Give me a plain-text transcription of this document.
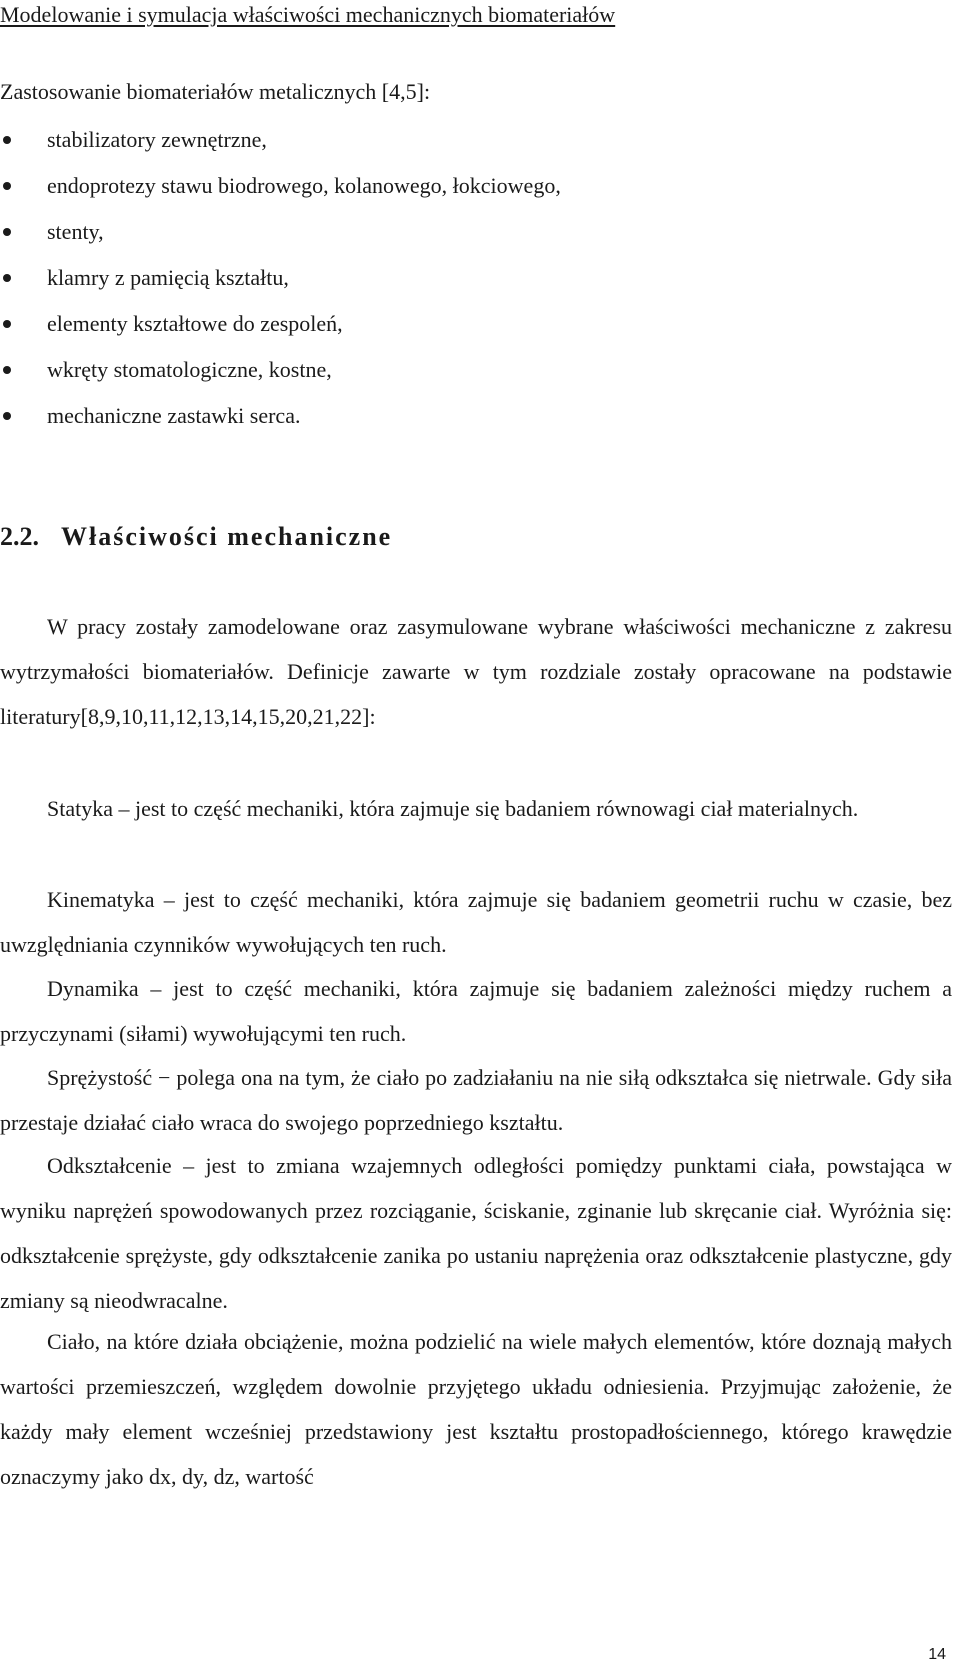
Modelowanie i symulacja właściwości mechanicznych biomateriałów
Zastosowanie biomateriałów metalicznych [4,5]:
stabilizatory zewnętrzne,
endoprotezy stawu biodrowego, kolanowego, łokciowego,
stenty,
klamry z pamięcią kształtu,
elementy kształtowe do zespoleń,
wkręty stomatologiczne, kostne,
mechaniczne zastawki serca.
2.2. Właściwości mechaniczne

W pracy zostały zamodelowane oraz zasymulowane wybrane właściwości mechaniczne z zakresu wytrzymałości biomateriałów. Definicje zawarte w tym rozdziale zostały opracowane na podstawie literatury[8,9,10,11,12,13,14,15,20,21,22]:

Statyka – jest to część mechaniki, która zajmuje się badaniem równowagi ciał materialnych.

Kinematyka – jest to część mechaniki, która zajmuje się badaniem geometrii ruchu w czasie, bez uwzględniania czynników wywołujących ten ruch.

Dynamika – jest to część mechaniki, która zajmuje się badaniem zależności między ruchem a przyczynami (siłami) wywołującymi ten ruch.

Sprężystość − polega ona na tym, że ciało po zadziałaniu na nie siłą odkształca się nietrwale. Gdy siła przestaje działać ciało wraca do swojego poprzedniego kształtu.

Odkształcenie – jest to zmiana wzajemnych odległości pomiędzy punktami ciała, powstająca w wyniku naprężeń spowodowanych przez rozciąganie, ściskanie, zginanie lub skręcanie ciał. Wyróżnia się: odkształcenie sprężyste, gdy odkształcenie zanika po ustaniu naprężenia oraz odkształcenie plastyczne, gdy zmiany są nieodwracalne.

Ciało, na które działa obciążenie, można podzielić na wiele małych elementów, które doznają małych wartości przemieszczeń, względem dowolnie przyjętego układu odniesienia. Przyjmując założenie, że każdy mały element wcześniej przedstawiony jest kształtu prostopadłościennego, którego krawędzie oznaczymy jako dx, dy, dz, wartość

14
